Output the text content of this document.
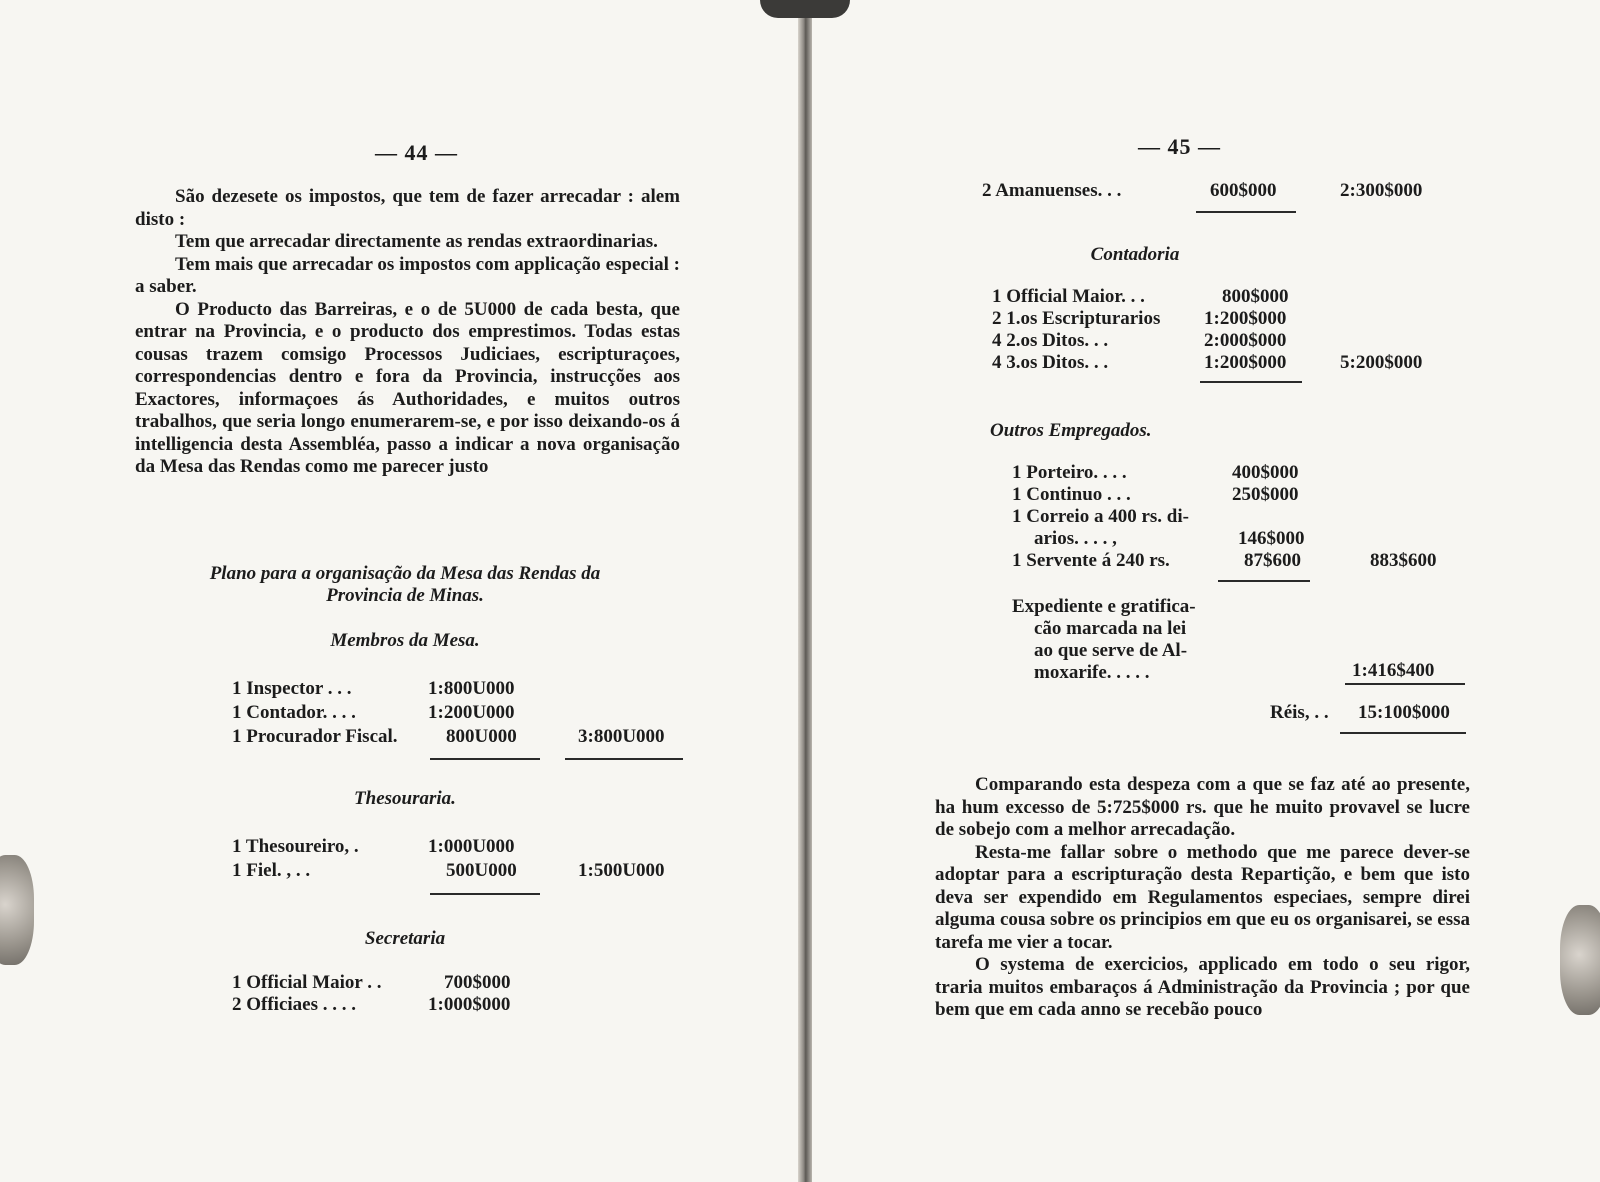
— 44 —

São dezesete os impostos, que tem de fazer arrecadar : alem disto :

Tem que arrecadar directamente as rendas extraordinarias.

Tem mais que arrecadar os impostos com applicação especial : a saber.

O Producto das Barreiras, e o de 5U000 de cada besta, que entrar na Provincia, e o producto dos emprestimos. Todas estas cousas trazem comsigo Processos Judiciaes, escripturaçoes, correspondencias dentro e fora da Provincia, instrucções aos Exactores, informaçoes ás Authoridades, e muitos outros trabalhos, que seria longo enumerarem-se, e por isso deixando-os á intelligencia desta Assembléa, passo a indicar a nova organisação da Mesa das Rendas como me parecer justo

Plano para a organisação da Mesa das Rendas da
Provincia de Minas.
Membros da Mesa.
1 Inspector . . .	1:800U000
1 Contador. . . .	1:200U000
1 Procurador Fiscal.	800U000	3:800U000
Thesouraria.
1 Thesoureiro, .	1:000U000
1 Fiel. , . .	500U000	1:500U000
Secretaria
1 Official Maior . .	700$000
2 Officiaes . . . .	1:000$000
— 45 —
2 Amanuenses. . .	600$000	2:300$000
Contadoria
1 Official Maior. . .	800$000
2 1.os Escripturarios 1:200$000
4 2.os Ditos. . .	2:000$000
4 3.os Ditos. . .	1:200$000	5:200$000
Outros Empregados.
1 Porteiro. . . .	400$000
1 Continuo . . .	250$000
1 Correio a 400 rs. di-
arios. . . . ,	146$000
1 Servente á 240 rs.	87$600	883$600
Expediente e gratifica-
cão marcada na lei
ao que serve de Al-
moxarife. . . . .	1:416$400
Réis, . . 15:100$000

Comparando esta despeza com a que se faz até ao presente, ha hum excesso de 5:725$000 rs. que he muito provavel se lucre de sobejo com a melhor arrecadação.

Resta-me fallar sobre o methodo que me parece dever-se adoptar para a escripturação desta Repartição, e bem que isto deva ser expendido em Regulamentos especiaes, sempre direi alguma cousa sobre os principios em que eu os organisarei, se essa tarefa me vier a tocar.

O systema de exercicios, applicado em todo o seu rigor, traria muitos embaraços á Administração da Provincia ; por que bem que em cada anno se recebão pouco
